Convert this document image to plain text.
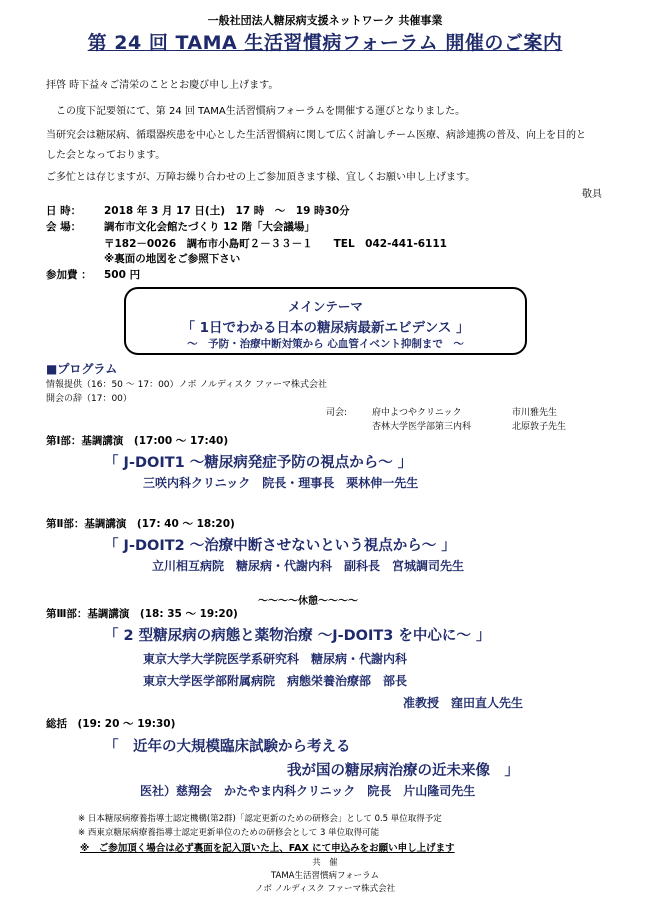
一般社団法人糖尿病支援ネットワーク 共催事業
第 24 回 TAMA 生活習慣病フォーラム 開催のご案内
拝啓 時下益々ご清栄のこととお慶び申し上げます。
この度下記要領にて、第 24 回 TAMA生活習慣病フォーラムを開催する運びとなりました。
当研究会は糖尿病、循環器疾患を中心とした生活習慣病に関して広く討論しチーム医療、病診連携の普及、向上を目的と
した会となっております。
ご多忙とは存じますが、万障お繰り合わせの上ご参加頂きます様、宜しくお願い申し上げます。
敬具
日 時： 2018 年 3 月 17 日(土)　17 時　～　19 時30分
会 場： 調布市文化会館たづくり 12 階「大会議場」
〒182－0026　調布市小島町２－３３－１　　TEL　042-441-6111
※裏面の地図をご参照下さい
参加費 ： 500 円
メインテーマ
「 1日でわかる日本の糖尿病最新エビデンス 」
～　予防・治療中断対策から 心血管イベント抑制まで　～
■プログラム
情報提供（16：50 ～ 17：00）ノボ ノルディスク ファーマ株式会社
開会の辞（17：00）
司会:	府中よつやクリニック	市川雅先生
杏林大学医学部第三内科	北原敦子先生
第Ⅰ部：基調講演　(17:00 ～ 17:40)
「 J-DOIT1 ～糖尿病発症予防の視点から～ 」
三咲内科クリニック　院長・理事長　栗林伸一先生
第Ⅱ部：基調講演　(17: 40 ～ 18:20)
「 J-DOIT2 ～治療中断させないという視点から～ 」
立川相互病院　糖尿病・代謝内科　副科長　宮城調司先生
～～～～休憩～～～～
第Ⅲ部：基調講演　(18: 35 ～ 19:20)
「 2 型糖尿病の病態と薬物治療 ～J-DOIT3 を中心に～ 」
東京大学大学院医学系研究科　糖尿病・代謝内科
東京大学医学部附属病院　病態栄養治療部　部長
准教授　窪田直人先生
総括　(19: 20 ～ 19:30)
「　近年の大規模臨床試験から考える
我が国の糖尿病治療の近未来像　」
医社）慈翔会　かたやま内科クリニック　院長　片山隆司先生
※ 日本糖尿病療養指導士認定機構(第2群)「認定更新のための研修会」として 0.5 単位取得予定
※ 西東京糖尿病療養指導士認定更新単位のための研修会として 3 単位取得可能
※　ご参加頂く場合は必ず裏面を記入頂いた上、FAX にて申込みをお願い申し上げます
共　催
TAMA生活習慣病フォーラム
ノボ ノルディスク ファーマ株式会社
